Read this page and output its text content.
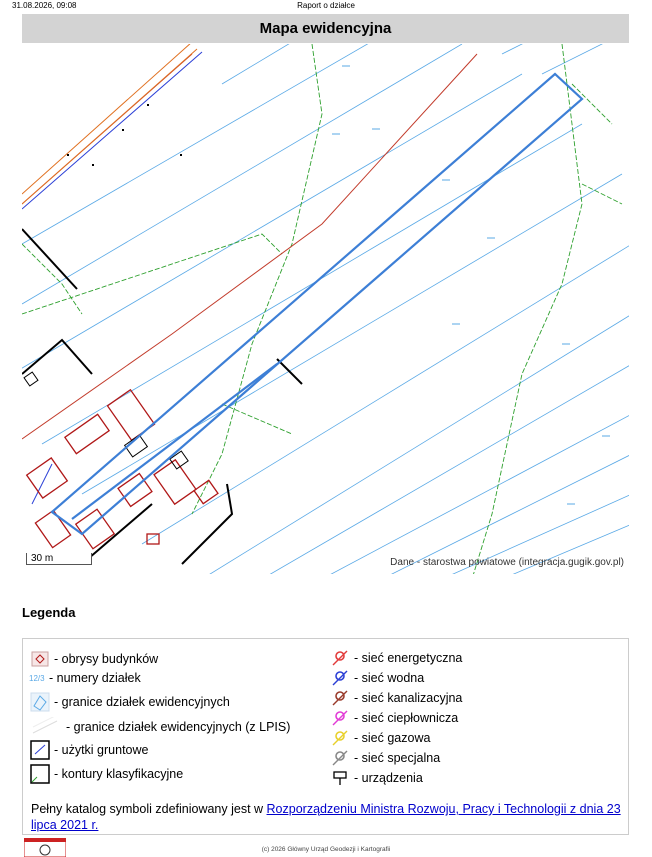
31.08.2026, 09:08	Raport o działce
Mapa ewidencyjna
30 m	Dane - starostwa powiatowe (integracja.gugik.gov.pl)
Legenda
- obrysy budynków
12/3 - numery działek
- granice działek ewidencyjnych
- granice działek ewidencyjnych (z LPIS)
- użytki gruntowe
- kontury klasyfikacyjne
- sieć energetyczna
- sieć wodna
- sieć kanalizacyjna
- sieć ciepłownicza
- sieć gazowa
- sieć specjalna
- urządzenia
Pełny katalog symboli zdefiniowany jest w Rozporządzeniu Ministra Rozwoju, Pracy i Technologii z dnia 23 lipca 2021 r.
(c) 2026 Główny Urząd Geodezji i Kartografii
